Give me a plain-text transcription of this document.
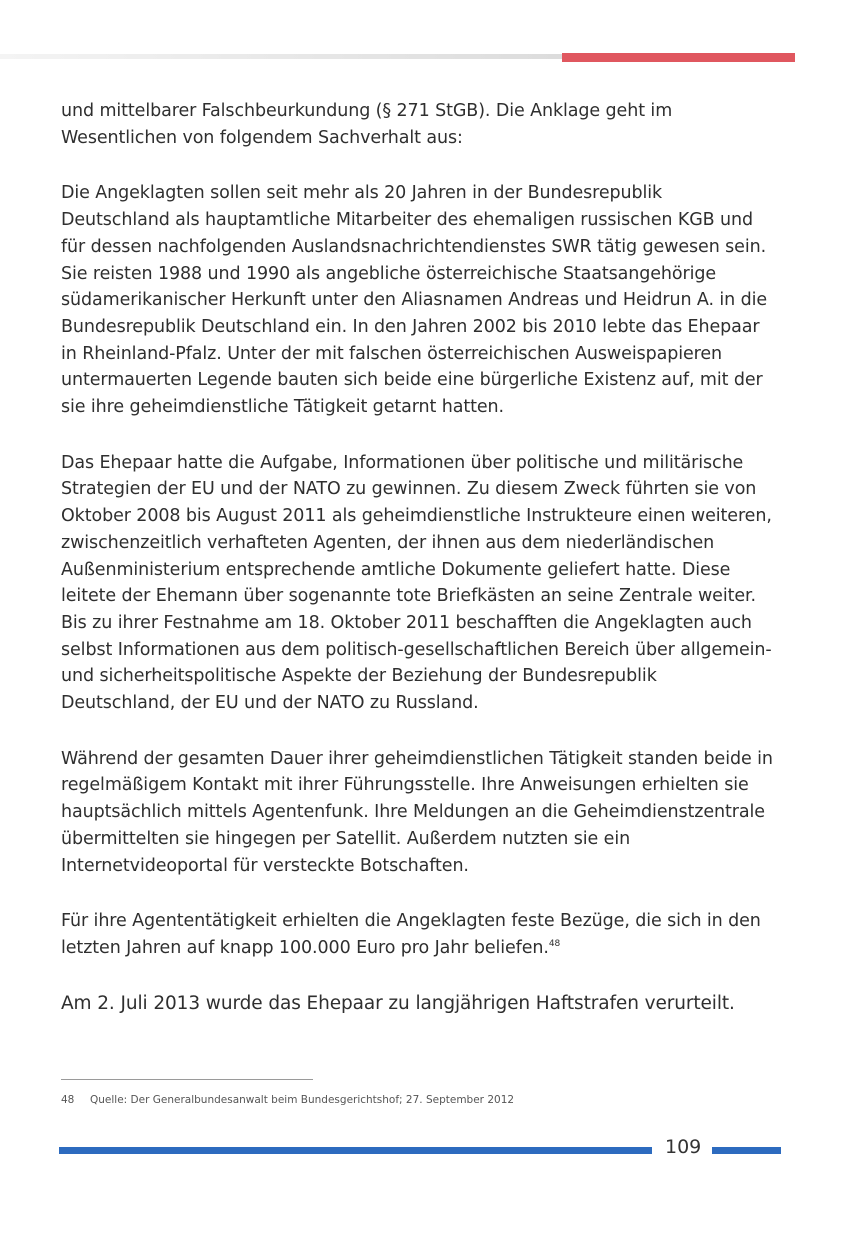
und mittelbarer Falschbeurkundung (§ 271 StGB). Die Anklage geht im Wesentlichen von folgendem Sachverhalt aus:

Die Angeklagten sollen seit mehr als 20 Jahren in der Bundesrepublik Deutschland als hauptamtliche Mitarbeiter des ehemaligen russischen KGB und für dessen nachfolgenden Auslandsnachrichtendienstes SWR tätig gewesen sein. Sie reisten 1988 und 1990 als angebliche österreichische Staatsangehörige südamerikanischer Herkunft unter den Aliasnamen Andreas und Heidrun A. in die Bundesrepublik Deutschland ein. In den Jahren 2002 bis 2010 lebte das Ehepaar in Rheinland-Pfalz. Unter der mit falschen österreichischen Ausweispapieren untermauerten Legende bauten sich beide eine bürgerliche Existenz auf, mit der sie ihre geheimdienstliche Tätigkeit getarnt hatten.

Das Ehepaar hatte die Aufgabe, Informationen über politische und militärische Strategien der EU und der NATO zu gewinnen. Zu diesem Zweck führten sie von Oktober 2008 bis August 2011 als geheimdienstliche Instrukteure einen weiteren, zwischenzeitlich verhafteten Agenten, der ihnen aus dem niederländischen Außenministerium entsprechende amtliche Dokumente geliefert hatte. Diese leitete der Ehemann über sogenannte tote Briefkästen an seine Zentrale weiter. Bis zu ihrer Festnahme am 18. Oktober 2011 beschafften die Angeklagten auch selbst Informationen aus dem politisch-gesellschaftlichen Bereich über allgemein- und sicherheitspolitische Aspekte der Beziehung der Bundesrepublik Deutschland, der EU und der NATO zu Russland.

Während der gesamten Dauer ihrer geheimdienstlichen Tätigkeit standen beide in regelmäßigem Kontakt mit ihrer Führungsstelle. Ihre Anweisungen erhielten sie hauptsächlich mittels Agentenfunk. Ihre Meldungen an die Geheimdienstzentrale übermittelten sie hingegen per Satellit. Außerdem nutzten sie ein Internetvideoportal für versteckte Botschaften.

Für ihre Agententätigkeit erhielten die Angeklagten feste Bezüge, die sich in den letzten Jahren auf knapp 100.000 Euro pro Jahr beliefen.$^{48}$

Am 2. Juli 2013 wurde das Ehepaar zu langjährigen Haftstrafen verurteilt.

48	Quelle: Der Generalbundesanwalt beim Bundesgerichtshof; 27. September 2012
109
